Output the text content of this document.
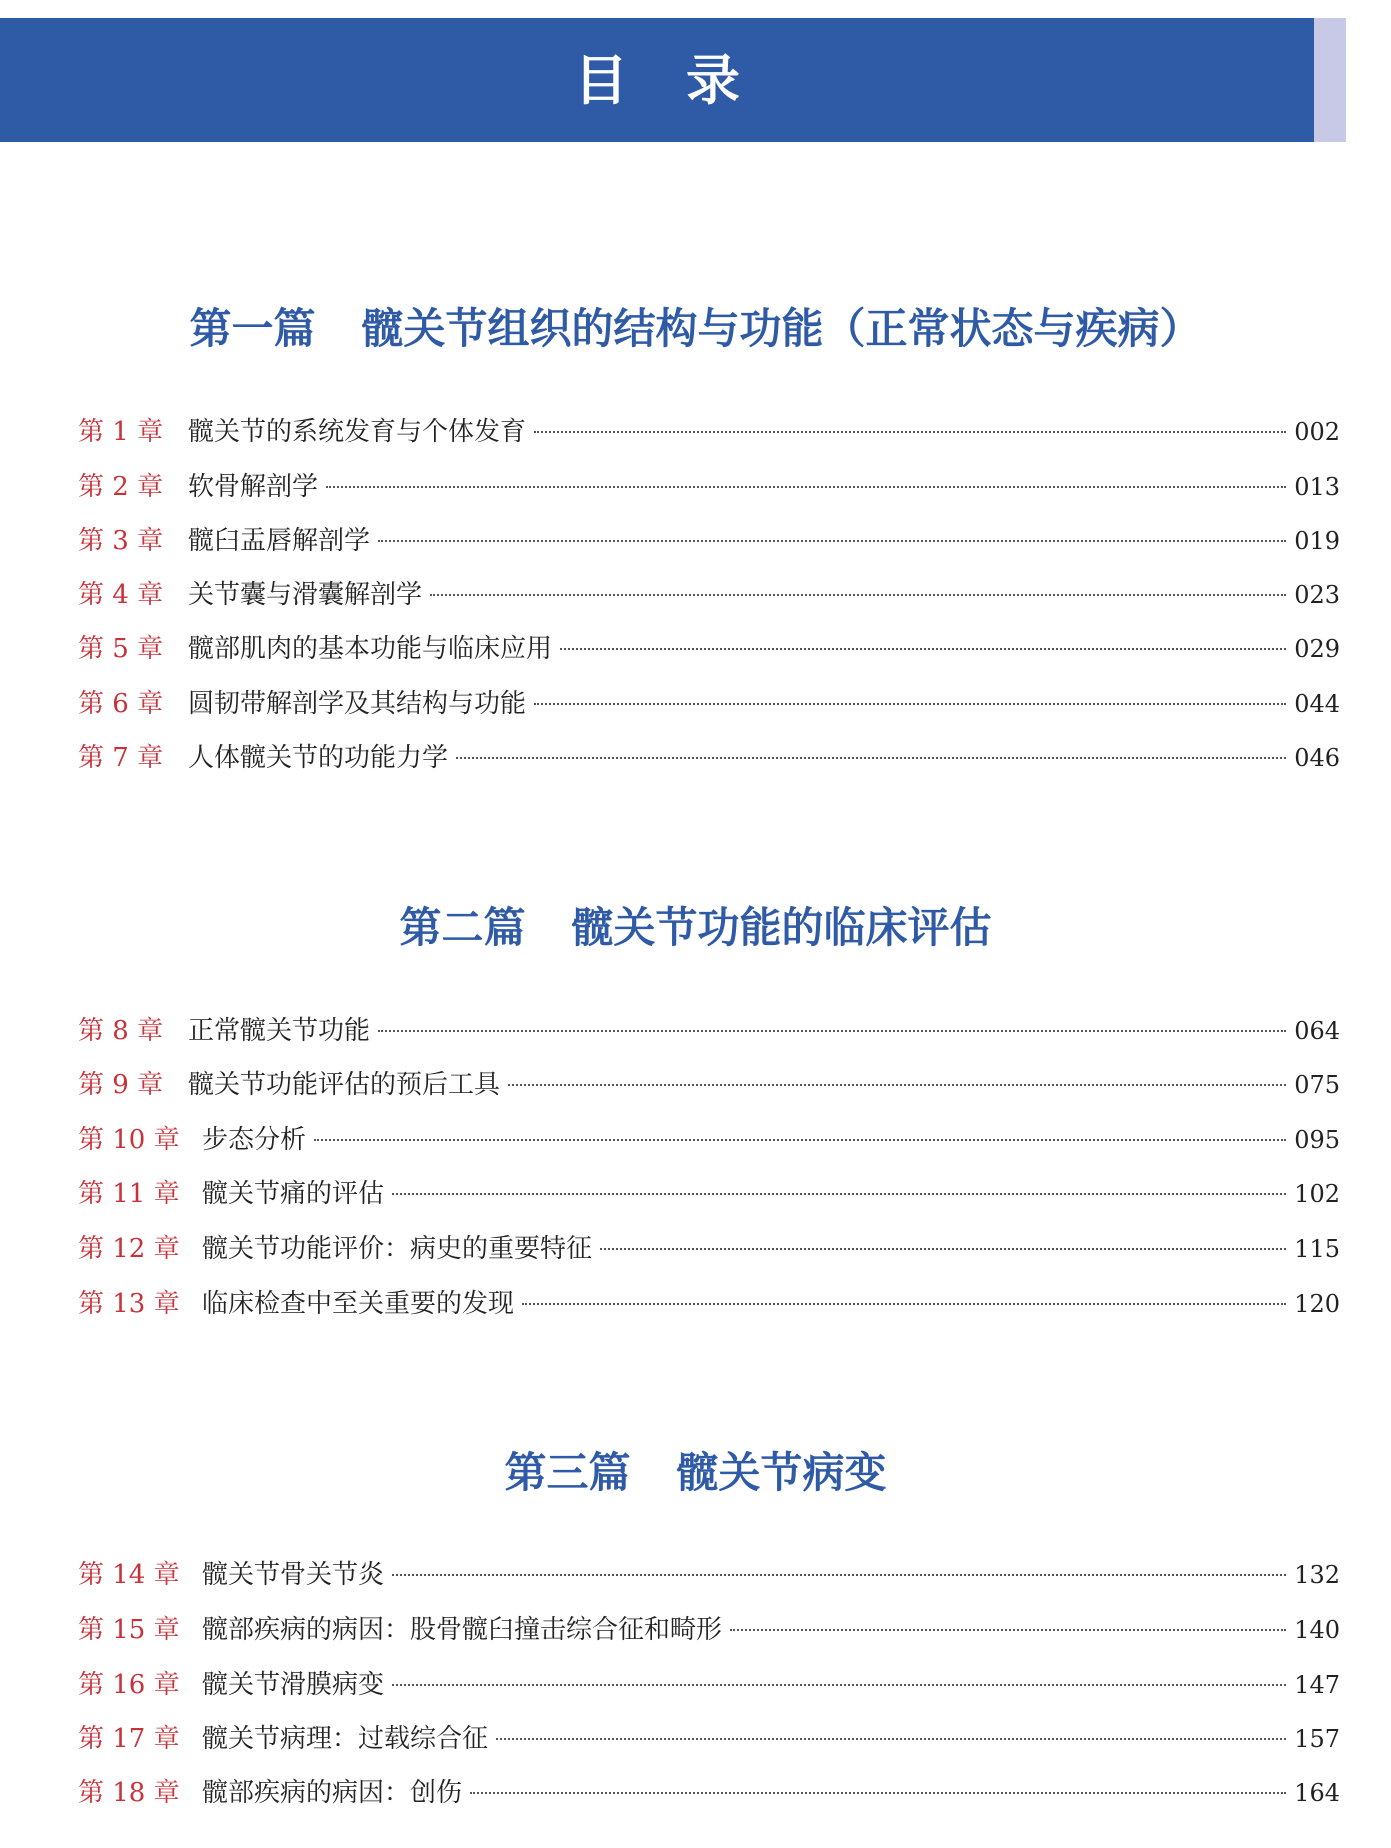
目录
第一篇 髋关节组织的结构与功能（正常状态与疾病）
第 1 章 髋关节的系统发育与个体发育	002
第 2 章 软骨解剖学	013
第 3 章 髋臼盂唇解剖学	019
第 4 章 关节囊与滑囊解剖学	023
第 5 章 髋部肌肉的基本功能与临床应用	029
第 6 章 圆韧带解剖学及其结构与功能	044
第 7 章 人体髋关节的功能力学	046
第二篇 髋关节功能的临床评估
第 8 章 正常髋关节功能	064
第 9 章 髋关节功能评估的预后工具	075
第 10 章 步态分析	095
第 11 章 髋关节痛的评估	102
第 12 章 髋关节功能评价：病史的重要特征	115
第 13 章 临床检查中至关重要的发现	120
第三篇 髋关节病变
第 14 章 髋关节骨关节炎	132
第 15 章 髋部疾病的病因：股骨髋臼撞击综合征和畸形	140
第 16 章 髋关节滑膜病变	147
第 17 章 髋关节病理：过载综合征	157
第 18 章 髋部疾病的病因：创伤	164
